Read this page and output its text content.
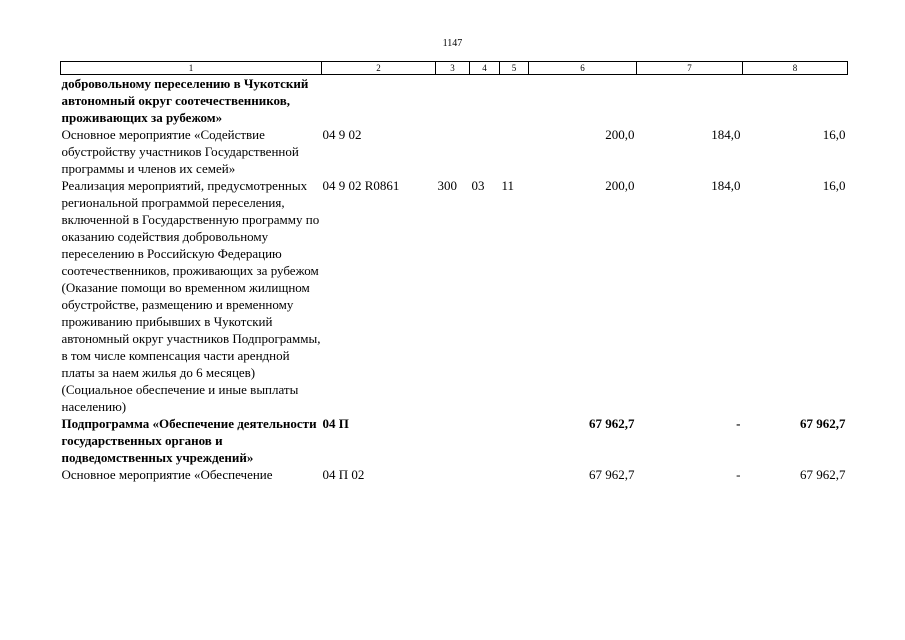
1147
1	2	3	4	5	6	7	8
добровольному переселению в Чукотский автономный округ соотечественников, проживающих за рубежом»							
Основное мероприятие «Содействие обустройству участников Государственной программы и членов их семей»	04 9 02				200,0	184,0	16,0
Реализация мероприятий, предусмотренных региональной программой переселения, включенной в Государственную программу по оказанию содействия добровольному переселению в Российскую Федерацию соотечественников, проживающих за рубежом (Оказание помощи во временном жилищном обустройстве, размещению и временному проживанию прибывших в Чукотский автономный округ участников Подпрограммы, в том числе компенсация части арендной платы за наем жилья до 6 месяцев) (Социальное обеспечение и иные выплаты населению)	04 9 02 R0861	300	03	11	200,0	184,0	16,0
Подпрограмма «Обеспечение деятельности государственных органов и подведомственных учреждений»	04 П				67 962,7	-	67 962,7
Основное мероприятие «Обеспечение	04 П 02				67 962,7	-	67 962,7
